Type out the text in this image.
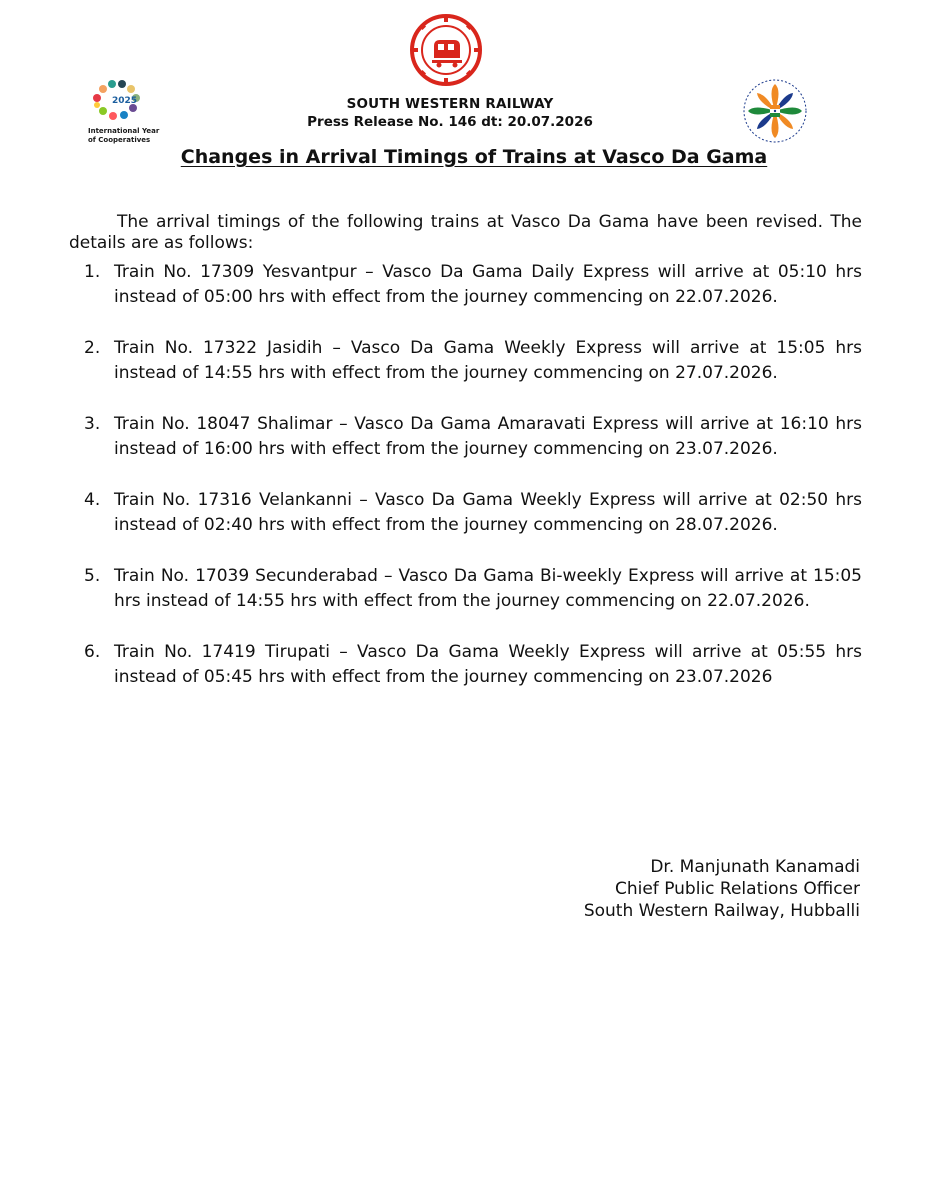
2025
International Year
of Cooperatives
SOUTH WESTERN RAILWAY
Press Release No. 146 dt: 20.07.2026
Changes in Arrival Timings of Trains at Vasco Da Gama

The arrival timings of the following trains at Vasco Da Gama have been revised. The details are as follows:

1. Train No. 17309 Yesvantpur – Vasco Da Gama Daily Express will arrive at 05:10 hrs instead of 05:00 hrs with effect from the journey commencing on 22.07.2026.
2. Train No. 17322 Jasidih – Vasco Da Gama Weekly Express will arrive at 15:05 hrs instead of 14:55 hrs with effect from the journey commencing on 27.07.2026.
3. Train No. 18047 Shalimar – Vasco Da Gama Amaravati Express will arrive at 16:10 hrs instead of 16:00 hrs with effect from the journey commencing on 23.07.2026.
4. Train No. 17316 Velankanni – Vasco Da Gama Weekly Express will arrive at 02:50 hrs instead of 02:40 hrs with effect from the journey commencing on 28.07.2026.
5. Train No. 17039 Secunderabad – Vasco Da Gama Bi-weekly Express will arrive at 15:05 hrs instead of 14:55 hrs with effect from the journey commencing on 22.07.2026.
6. Train No. 17419 Tirupati – Vasco Da Gama Weekly Express will arrive at 05:55 hrs instead of 05:45 hrs with effect from the journey commencing on 23.07.2026
Dr. Manjunath Kanamadi
Chief Public Relations Officer
South Western Railway, Hubballi
